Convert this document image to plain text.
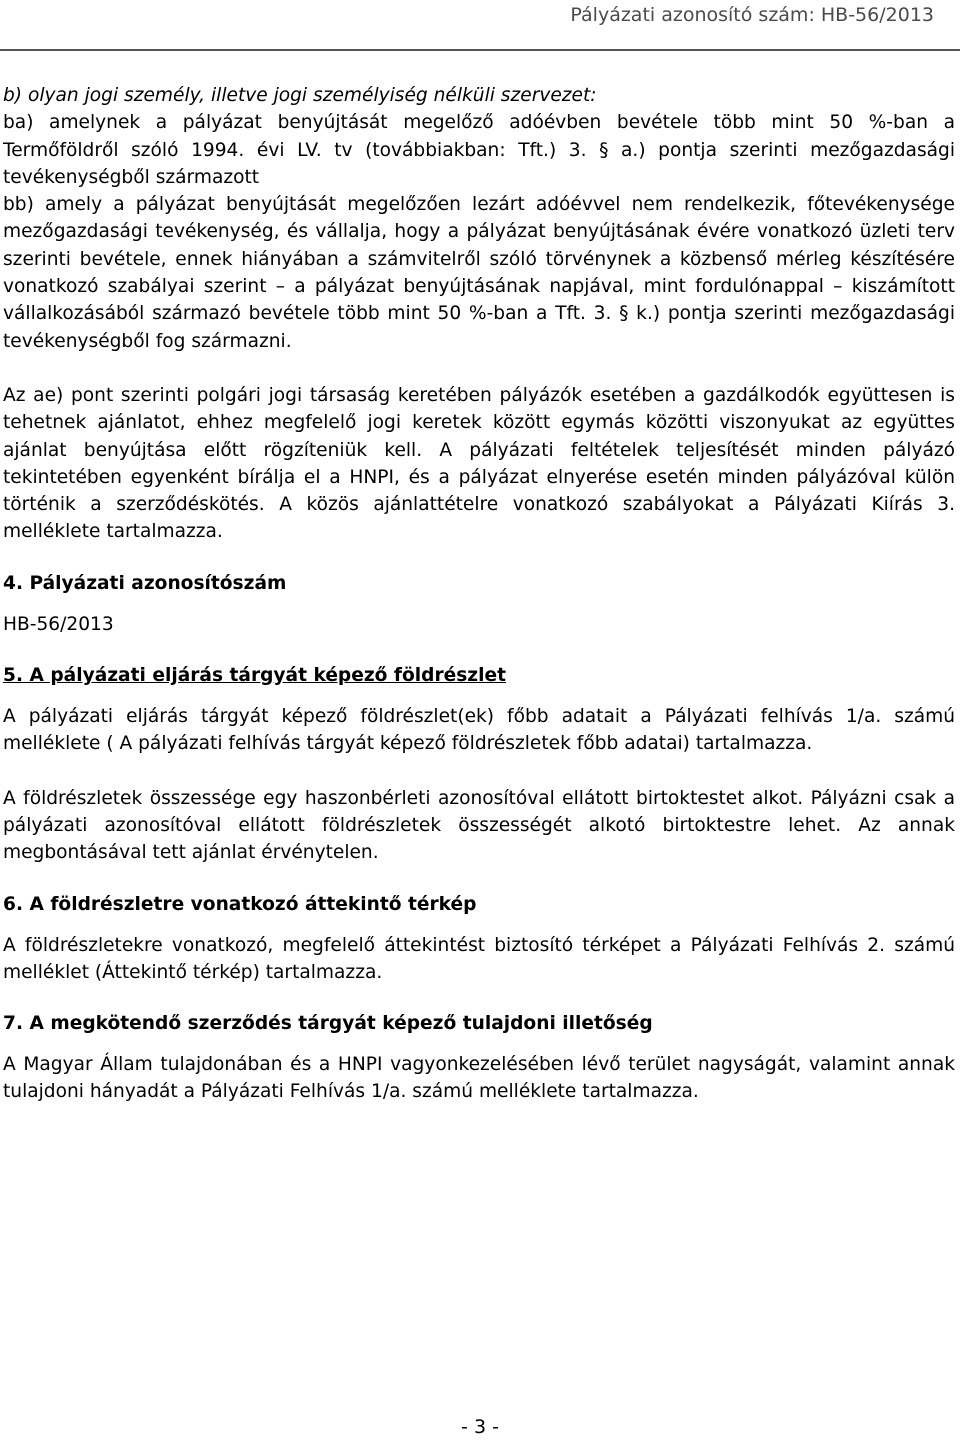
Pályázati azonosító szám: HB-56/2013

b) olyan jogi személy, illetve jogi személyiség nélküli szervezet:

ba) amelynek a pályázat benyújtását megelőző adóévben bevétele több mint 50 %-ban a Termőföldről szóló 1994. évi LV. tv (továbbiakban: Tft.) 3. § a.) pontja szerinti mezőgazdasági tevékenységből származott

bb) amely a pályázat benyújtását megelőzően lezárt adóévvel nem rendelkezik, főtevékenysége mezőgazdasági tevékenység, és vállalja, hogy a pályázat benyújtásának évére vonatkozó üzleti terv szerinti bevétele, ennek hiányában a számvitelről szóló törvénynek a közbenső mérleg készítésére vonatkozó szabályai szerint – a pályázat benyújtásának napjával, mint fordulónappal – kiszámított vállalkozásából származó bevétele több mint 50 %-ban a Tft. 3. § k.) pontja szerinti mezőgazdasági tevékenységből fog származni.

Az ae) pont szerinti polgári jogi társaság keretében pályázók esetében a gazdálkodók együttesen is tehetnek ajánlatot, ehhez megfelelő jogi keretek között egymás közötti viszonyukat az együttes ajánlat benyújtása előtt rögzíteniük kell. A pályázati feltételek teljesítését minden pályázó tekintetében egyenként bírálja el a HNPI, és a pályázat elnyerése esetén minden pályázóval külön történik a szerződéskötés. A közös ajánlattételre vonatkozó szabályokat a Pályázati Kiírás 3. melléklete tartalmazza.

4. Pályázati azonosítószám

HB-56/2013

5. A pályázati eljárás tárgyát képező földrészlet

A pályázati eljárás tárgyát képező földrészlet(ek) főbb adatait a Pályázati felhívás 1/a. számú melléklete ( A pályázati felhívás tárgyát képező földrészletek főbb adatai) tartalmazza.

A földrészletek összessége egy haszonbérleti azonosítóval ellátott birtoktestet alkot. Pályázni csak a pályázati azonosítóval ellátott földrészletek összességét alkotó birtoktestre lehet. Az annak megbontásával tett ajánlat érvénytelen.

6. A földrészletre vonatkozó áttekintő térkép

A földrészletekre vonatkozó, megfelelő áttekintést biztosító térképet a Pályázati Felhívás 2. számú melléklet (Áttekintő térkép) tartalmazza.

7. A megkötendő szerződés tárgyát képező tulajdoni illetőség

A Magyar Állam tulajdonában és a HNPI vagyonkezelésében lévő terület nagyságát, valamint annak tulajdoni hányadát a Pályázati Felhívás 1/a. számú melléklete tartalmazza.

- 3 -
